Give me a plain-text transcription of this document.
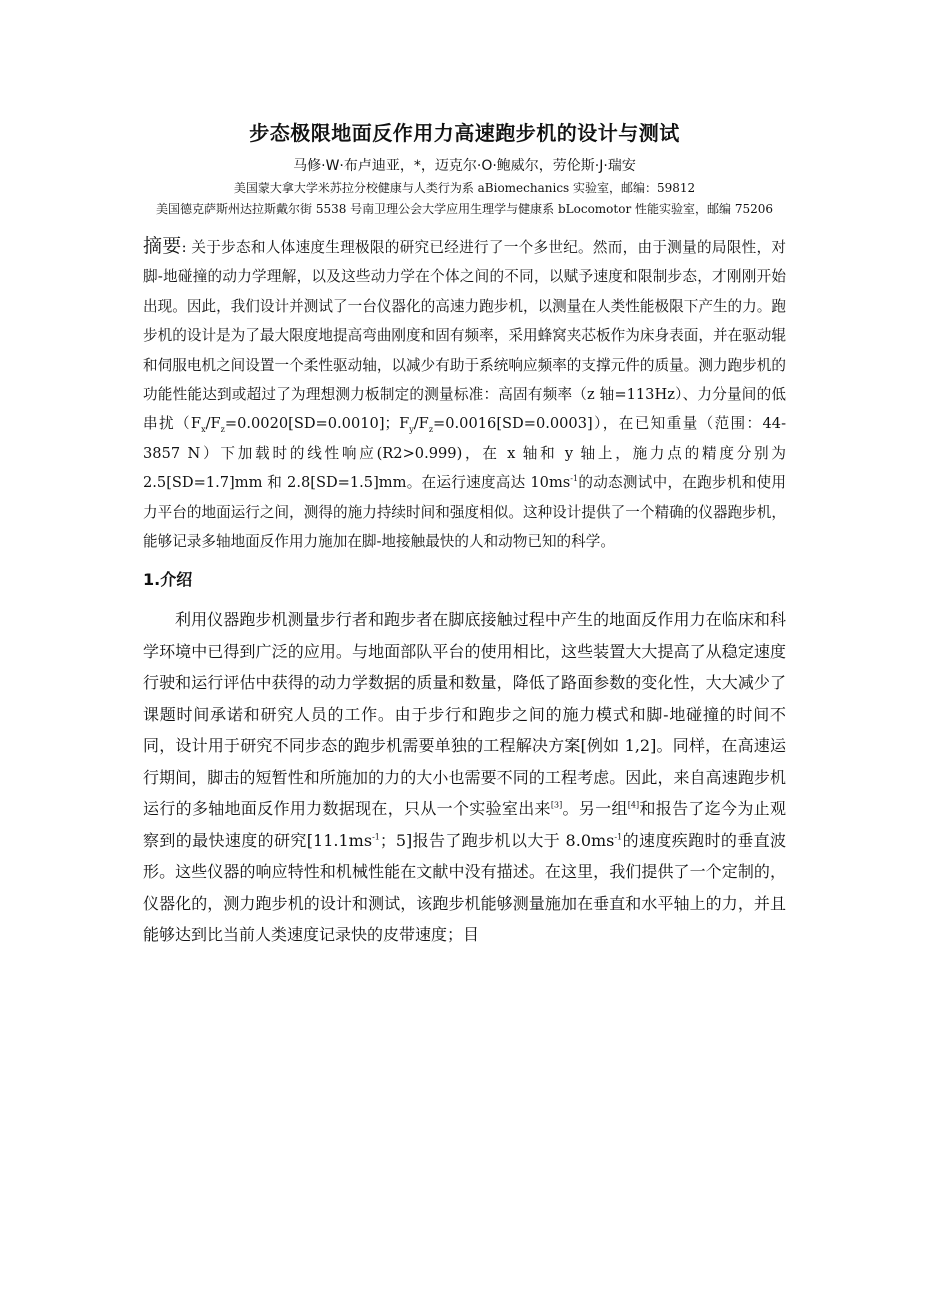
步态极限地面反作用力高速跑步机的设计与测试
马修·W·布卢迪亚，*，迈克尔·O·鲍威尔，劳伦斯·J·瑞安
美国蒙大拿大学米苏拉分校健康与人类行为系 aBiomechanics 实验室，邮编：59812
美国德克萨斯州达拉斯戴尔街 5538 号南卫理公会大学应用生理学与健康系 bLocomotor 性能实验室，邮编 75206
摘要: 关于步态和人体速度生理极限的研究已经进行了一个多世纪。然而，由于测量的局限性，对脚-地碰撞的动力学理解，以及这些动力学在个体之间的不同，以赋予速度和限制步态，才刚刚开始出现。因此，我们设计并测试了一台仪器化的高速力跑步机，以测量在人类性能极限下产生的力。跑步机的设计是为了最大限度地提高弯曲刚度和固有频率，采用蜂窝夹芯板作为床身表面，并在驱动辊和伺服电机之间设置一个柔性驱动轴，以减少有助于系统响应频率的支撑元件的质量。测力跑步机的功能性能达到或超过了为理想测力板制定的测量标准：高固有频率（z 轴=113Hz）、力分量间的低串扰（$F_x/F_z=0.0020[SD=0.0010]$；$F_y/F_z=0.0016[SD=0.0003]$），在已知重量（范围：44-3857 N）下加载时的线性响应(R2>0.999)，在 x 轴和 y 轴上，施力点的精度分别为 2.5[SD=1.7]mm 和 2.8[SD=1.5]mm。在运行速度高达 $10ms^{-1}$的动态测试中，在跑步机和使用力平台的地面运行之间，测得的施力持续时间和强度相似。这种设计提供了一个精确的仪器跑步机，能够记录多轴地面反作用力施加在脚-地接触最快的人和动物已知的科学。
1.介绍
利用仪器跑步机测量步行者和跑步者在脚底接触过程中产生的地面反作用力在临床和科学环境中已得到广泛的应用。与地面部队平台的使用相比，这些装置大大提高了从稳定速度行驶和运行评估中获得的动力学数据的质量和数量，降低了路面参数的变化性，大大减少了课题时间承诺和研究人员的工作。由于步行和跑步之间的施力模式和脚-地碰撞的时间不同，设计用于研究不同步态的跑步机需要单独的工程解决方案[例如 1,2]。同样，在高速运行期间，脚击的短暂性和所施加的力的大小也需要不同的工程考虑。因此，来自高速跑步机运行的多轴地面反作用力数据现在，只从一个实验室出来[3]。另一组[4]和报告了迄今为止观察到的最快速度的研究[$11.1ms^{-1}$；5]报告了跑步机以大于 $8.0ms^{-1}$的速度疾跑时的垂直波形。这些仪器的响应特性和机械性能在文献中没有描述。在这里，我们提供了一个定制的，仪器化的，测力跑步机的设计和测试，该跑步机能够测量施加在垂直和水平轴上的力，并且能够达到比当前人类速度记录快的皮带速度；目
